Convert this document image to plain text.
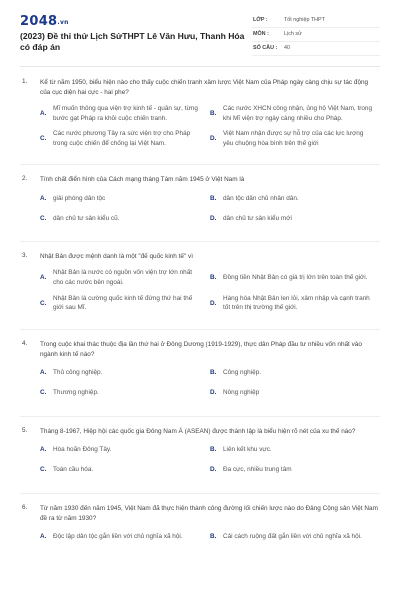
2048.vn
(2023) Đề thi thử Lịch SửTHPT Lê Văn Hưu, Thanh Hóa có đáp án
LỚP :	Tốt nghiệp THPT
MÔN :	Lịch sử
SỐ CÂU : 40
1. Kể từ năm 1950, biểu hiện nào cho thấy cuộc chiến tranh xâm lược Việt Nam của Pháp ngày càng chịu sự tác động của cục diện hai cực - hai phe?
A.
Mĩ muốn thông qua viện trợ kinh tế - quân sự, từng bước gạt Pháp ra khỏi cuộc chiến tranh.
B.
Các nước XHCN công nhận, ủng hộ Việt Nam, trong khi Mĩ viện trợ ngày càng nhiều cho Pháp.
C.
Các nước phương Tây ra sức viện trợ cho Pháp trong cuộc chiến để chống lại Việt Nam.
D.
Việt Nam nhận được sự hỗ trợ của các lực lượng yêu chuộng hòa bình trên thế giới
2. Tính chất điển hình của Cách mạng tháng Tám năm 1945 ở Việt Nam là
A.	giải phóng dân tộc	B.	dân tộc dân chủ nhân dân.
C.	dân chủ tư sản kiểu cũ.	D.	dân chủ tư sản kiểu mới
3. Nhật Bản được mệnh danh là một "đế quốc kinh tế" vì
A.
Nhật Bản là nước có nguồn vốn viện trợ lớn nhất cho các nước bên ngoài.
B.	Đồng tiền Nhật Bản có giá trị lớn trên toàn thế giới.
C.
Nhật Bản là cường quốc kinh tế đứng thứ hai thế giới sau Mĩ.
D.
Hàng hóa Nhật Bản len lỏi, xâm nhập và cạnh tranh tốt trên thị trường thế giới.
4. Trong cuộc khai thác thuộc địa lần thứ hai ở Đông Dương (1919-1929), thực dân Pháp đầu tư nhiều vốn nhất vào ngành kinh tế nào?
A.	Thủ công nghiệp.	B.	Công nghiệp.
C.	Thương nghiệp.	D.	Nông nghiệp
5. Tháng 8-1967, Hiệp hội các quốc gia Đông Nam Á (ASEAN) được thành lập là biểu hiện rõ nét của xu thế nào?
A.	Hòa hoãn Đông Tây.	B.	Liên kết khu vực.
C.	Toàn cầu hóa.	D.	Đa cực, nhiều trung tâm
6. Từ năm 1930 đến năm 1945, Việt Nam đã thực hiện thành công đường lối chiến lược nào do Đảng Cộng sản Việt Nam đề ra từ năm 1930?
A.	Độc lập dân tộc gắn liền với chủ nghĩa xã hội.	B.	Cải cách ruộng đất gắn liền với chủ nghĩa xã hội.
